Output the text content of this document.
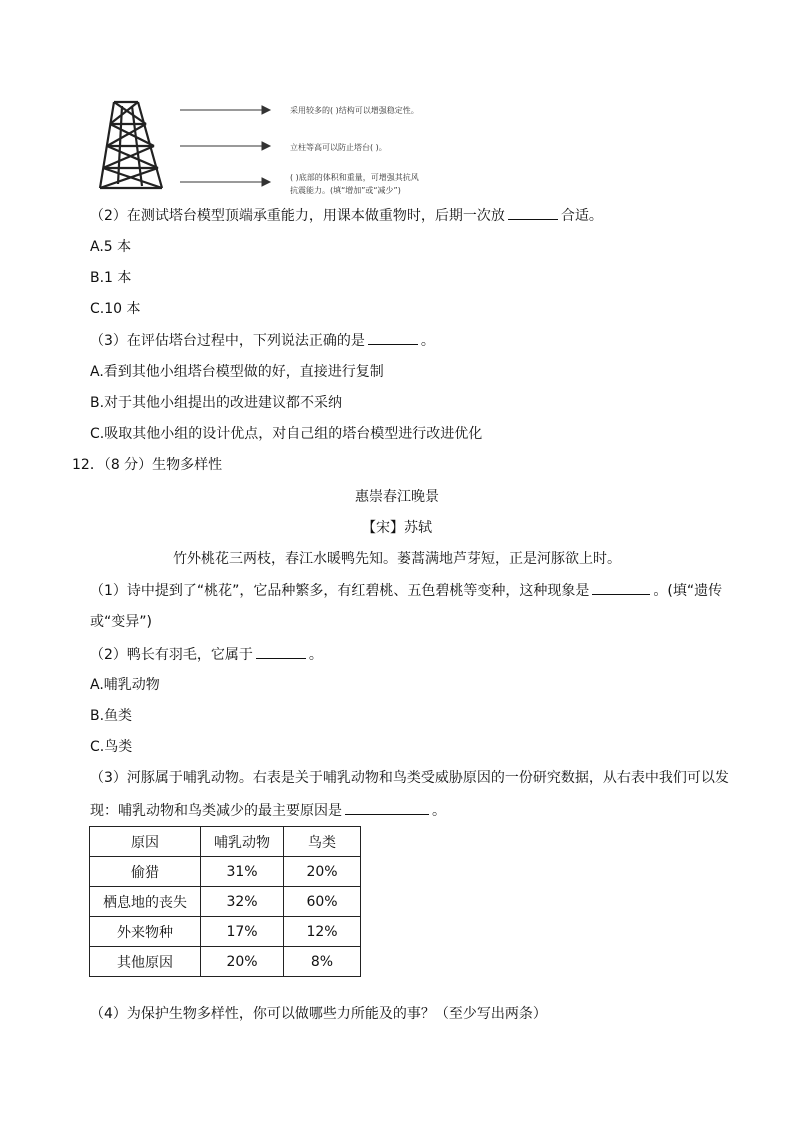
采用较多的( )结构可以增强稳定性。
立柱等高可以防止塔台( )。
( )底部的体积和重量，可增强其抗风
抗震能力。(填“增加”或“减少”)
（2）在测试塔台模型顶端承重能力，用课本做重物时，后期一次放	合适。
A.5 本
B.1 本
C.10 本
（3）在评估塔台过程中，下列说法正确的是	。
A.看到其他小组塔台模型做的好，直接进行复制
B.对于其他小组提出的改进建议都不采纳
C.吸取其他小组的设计优点，对自己组的塔台模型进行改进优化
12．（8 分）生物多样性
惠崇春江晚景
【宋】苏轼
竹外桃花三两枝，春江水暖鸭先知。蒌蒿满地芦芽短，正是河豚欲上时。
（1）诗中提到了“桃花”，它品种繁多，有红碧桃、五色碧桃等变种，这种现象是	。(填“遗传
或“变异”)
（2）鸭长有羽毛，它属于	。
A.哺乳动物
B.鱼类
C.鸟类
（3）河豚属于哺乳动物。右表是关于哺乳动物和鸟类受威胁原因的一份研究数据，从右表中我们可以发
现：哺乳动物和鸟类减少的最主要原因是	。
原因	哺乳动物	鸟类
偷猎	31%	20%
栖息地的丧失	32%	60%
外来物种	17%	12%
其他原因	20%	8%
（4）为保护生物多样性，你可以做哪些力所能及的事？（至少写出两条）
